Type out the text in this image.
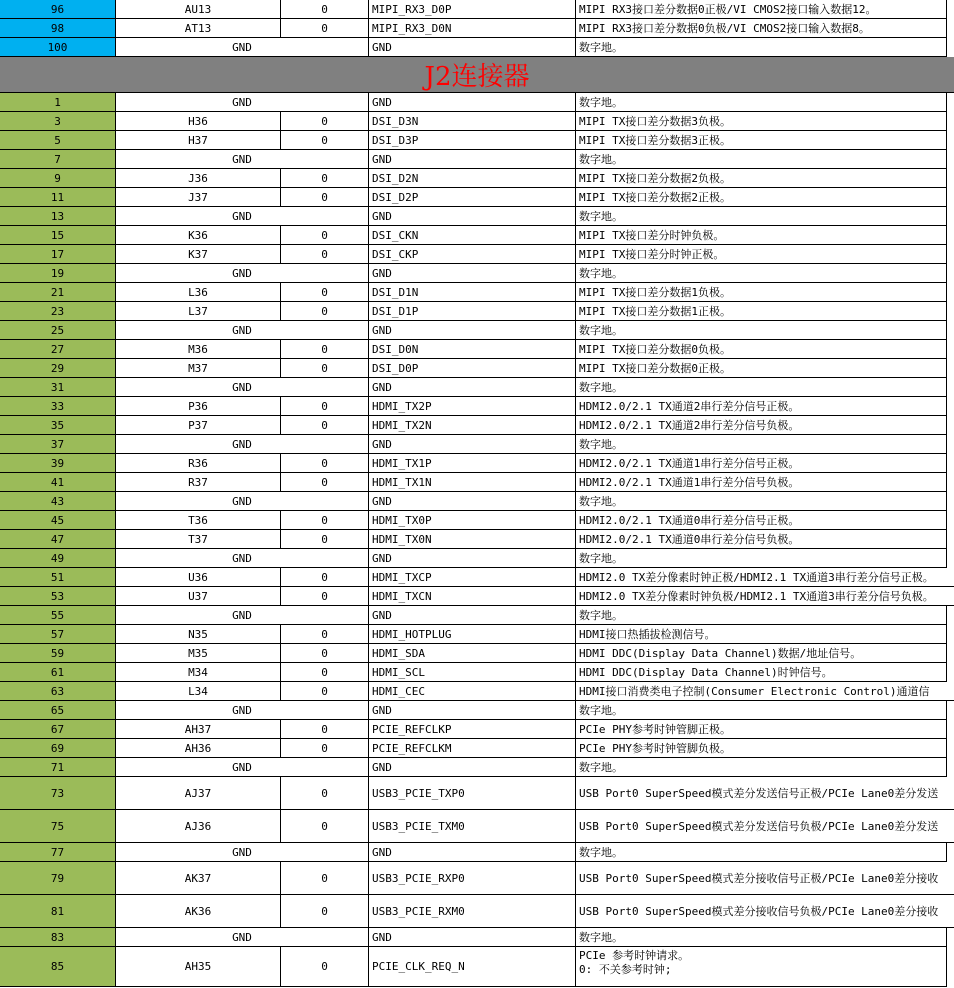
96	AU13	0	MIPI_RX3_D0P	MIPI RX3接口差分数据0正极/VI CMOS2接口输入数据12。
98	AT13	0	MIPI_RX3_D0N	MIPI RX3接口差分数据0负极/VI CMOS2接口输入数据8。
100	GND	GND	数字地。
J2连接器
1	GND	GND	数字地。
3	H36	0	DSI_D3N	MIPI TX接口差分数据3负极。
5	H37	0	DSI_D3P	MIPI TX接口差分数据3正极。
7	GND	GND	数字地。
9	J36	0	DSI_D2N	MIPI TX接口差分数据2负极。
11	J37	0	DSI_D2P	MIPI TX接口差分数据2正极。
13	GND	GND	数字地。
15	K36	0	DSI_CKN	MIPI TX接口差分时钟负极。
17	K37	0	DSI_CKP	MIPI TX接口差分时钟正极。
19	GND	GND	数字地。
21	L36	0	DSI_D1N	MIPI TX接口差分数据1负极。
23	L37	0	DSI_D1P	MIPI TX接口差分数据1正极。
25	GND	GND	数字地。
27	M36	0	DSI_D0N	MIPI TX接口差分数据0负极。
29	M37	0	DSI_D0P	MIPI TX接口差分数据0正极。
31	GND	GND	数字地。
33	P36	0	HDMI_TX2P	HDMI2.0/2.1 TX通道2串行差分信号正极。
35	P37	0	HDMI_TX2N	HDMI2.0/2.1 TX通道2串行差分信号负极。
37	GND	GND	数字地。
39	R36	0	HDMI_TX1P	HDMI2.0/2.1 TX通道1串行差分信号正极。
41	R37	0	HDMI_TX1N	HDMI2.0/2.1 TX通道1串行差分信号负极。
43	GND	GND	数字地。
45	T36	0	HDMI_TX0P	HDMI2.0/2.1 TX通道0串行差分信号正极。
47	T37	0	HDMI_TX0N	HDMI2.0/2.1 TX通道0串行差分信号负极。
49	GND	GND	数字地。
51	U36	0	HDMI_TXCP	HDMI2.0 TX差分像素时钟正极/HDMI2.1 TX通道3串行差分信号正极。
53	U37	0	HDMI_TXCN	HDMI2.0 TX差分像素时钟负极/HDMI2.1 TX通道3串行差分信号负极。
55	GND	GND	数字地。
57	N35	0	HDMI_HOTPLUG	HDMI接口热插拔检测信号。
59	M35	0	HDMI_SDA	HDMI DDC(Display Data Channel)数据/地址信号。
61	M34	0	HDMI_SCL	HDMI DDC(Display Data Channel)时钟信号。
63	L34	0	HDMI_CEC	HDMI接口消费类电子控制(Consumer Electronic Control)通道信
65	GND	GND	数字地。
67	AH37	0	PCIE_REFCLKP	PCIe PHY参考时钟管脚正极。
69	AH36	0	PCIE_REFCLKM	PCIe PHY参考时钟管脚负极。
71	GND	GND	数字地。
73	AJ37	0	USB3_PCIE_TXP0	USB Port0 SuperSpeed模式差分发送信号正极/PCIe Lane0差分发送
75	AJ36	0	USB3_PCIE_TXM0	USB Port0 SuperSpeed模式差分发送信号负极/PCIe Lane0差分发送
77	GND	GND	数字地。
79	AK37	0	USB3_PCIE_RXP0	USB Port0 SuperSpeed模式差分接收信号正极/PCIe Lane0差分接收
81	AK36	0	USB3_PCIE_RXM0	USB Port0 SuperSpeed模式差分接收信号负极/PCIe Lane0差分接收
83	GND	GND	数字地。
85	AH35	0	PCIE_CLK_REQ_N
PCIe 参考时钟请求。
0: 不关参考时钟;
